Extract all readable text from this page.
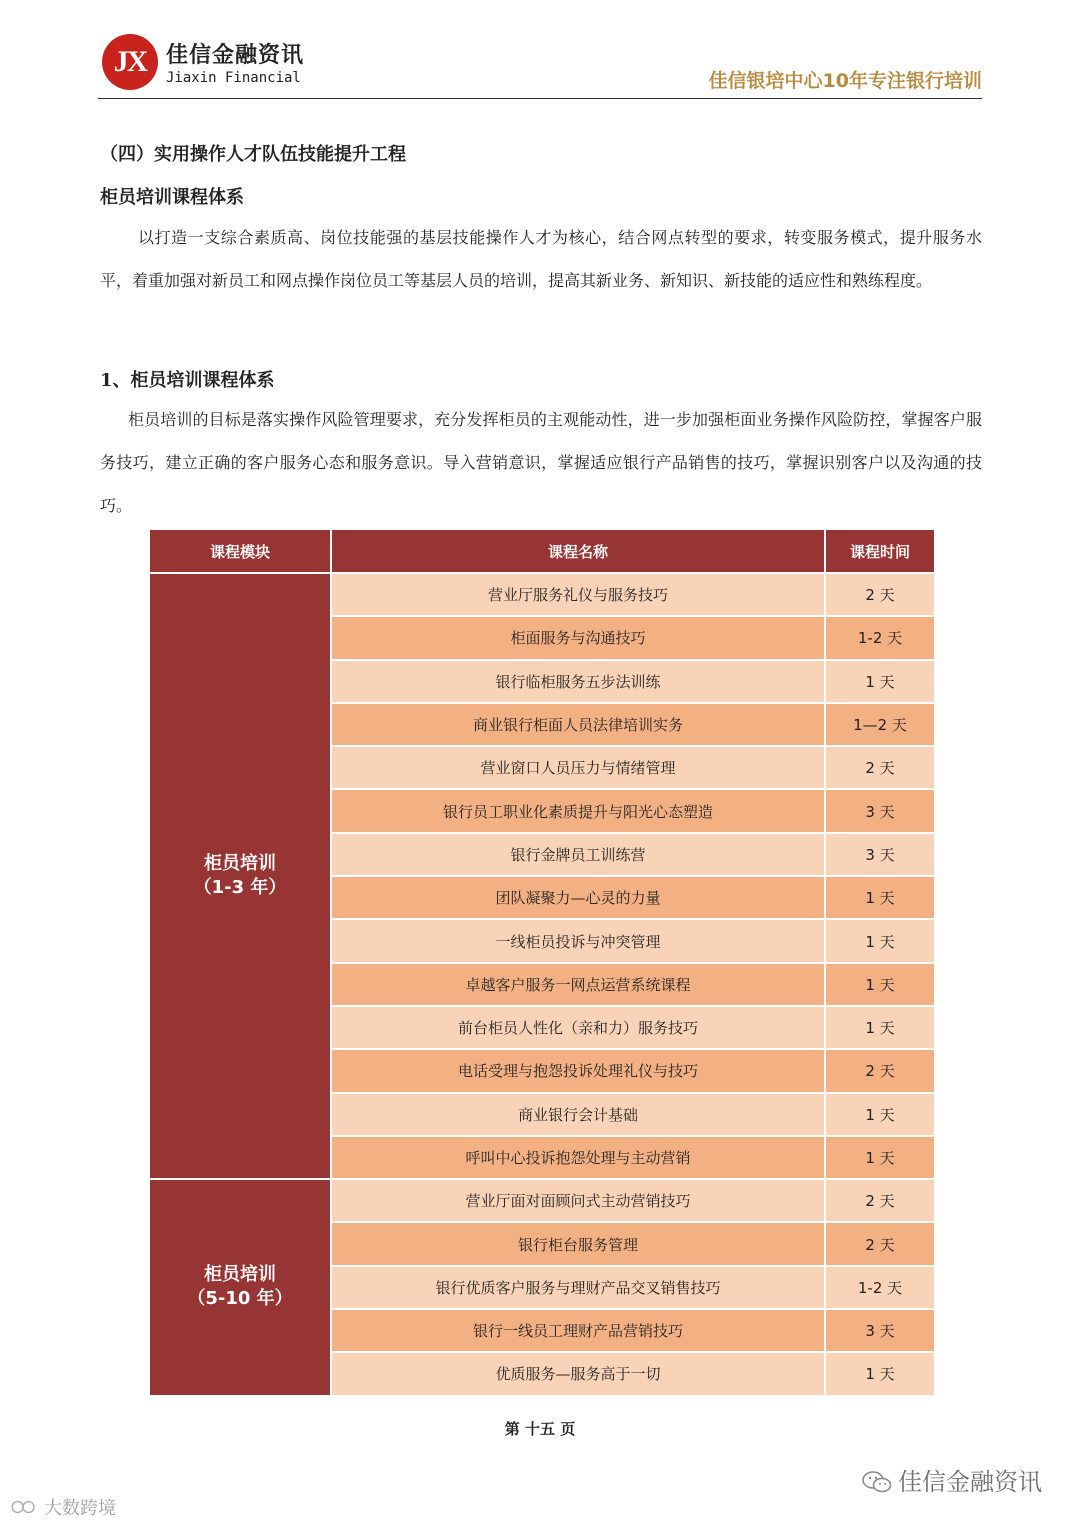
JX 佳信金融资讯
Jiaxin Financial	佳信银培中心10年专注银行培训
（四）实用操作人才队伍技能提升工程
柜员培训课程体系
以打造一支综合素质高、岗位技能强的基层技能操作人才为核心，结合网点转型的要求，转变服务模式，提升服务水平，着重加强对新员工和网点操作岗位员工等基层人员的培训，提高其新业务、新知识、新技能的适应性和熟练程度。
1、柜员培训课程体系
柜员培训的目标是落实操作风险管理要求，充分发挥柜员的主观能动性，进一步加强柜面业务操作风险防控，掌握客户服务技巧，建立正确的客户服务心态和服务意识。导入营销意识，掌握适应银行产品销售的技巧，掌握识别客户以及沟通的技巧。
课程模块	课程名称	课程时间

柜员培训
（1-3 年）	营业厅服务礼仪与服务技巧	2 天
	柜面服务与沟通技巧	1-2 天
	银行临柜服务五步法训练	1 天
	商业银行柜面人员法律培训实务	1—2 天
	营业窗口人员压力与情绪管理	2 天
	银行员工职业化素质提升与阳光心态塑造	3 天
	银行金牌员工训练营	3 天
	团队凝聚力—心灵的力量	1 天
	一线柜员投诉与冲突管理	1 天
	卓越客户服务一网点运营系统课程	1 天
	前台柜员人性化（亲和力）服务技巧	1 天
	电话受理与抱怨投诉处理礼仪与技巧	2 天
	商业银行会计基础	1 天
	呼叫中心投诉抱怨处理与主动营销	1 天

柜员培训
（5-10 年）	营业厅面对面顾问式主动营销技巧	2 天
	银行柜台服务管理	2 天
	银行优质客户服务与理财产品交叉销售技巧	1-2 天
	银行一线员工理财产品营销技巧	3 天
	优质服务—服务高于一切	1 天
第 十五 页
佳信金融资讯
大数跨境
